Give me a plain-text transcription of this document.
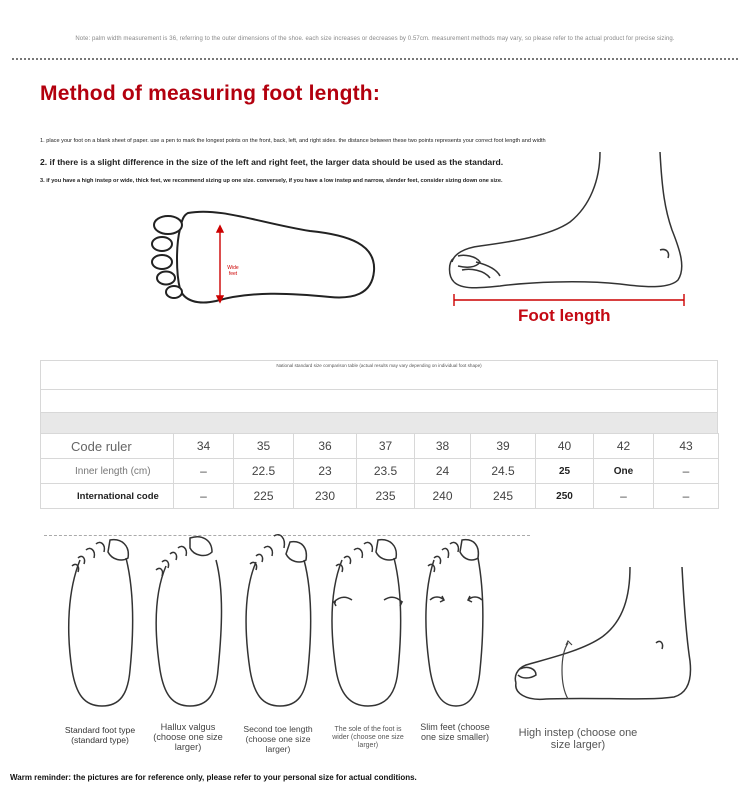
Note: palm width measurement is 36, referring to the outer dimensions of the shoe. each size increases or decreases by 0.57cm. measurement methods may vary, so please refer to the actual product for precise sizing.
Method of measuring foot length:
1. place your foot on a blank sheet of paper. use a pen to mark the longest points on the front, back, left, and right sides. the distance between these two points represents your correct foot length and width
2. if there is a slight difference in the size of the left and right feet, the larger data should be used as the standard.
3. if you have a high instep or wide, thick feet, we recommend sizing up one size. conversely, if you have a low instep and narrow, slender feet, consider sizing down one size.
Wide feet
Foot length
National standard size comparison table (actual results may vary depending on individual foot shape)
Code ruler	34	35	36	37	38	39	40	42	43
Inner length (cm)	–	22.5	23	23.5	24	24.5	25	One	–
International code	–	225	230	235	240	245	250	–	–
Standard foot type (standard type)
Hallux valgus (choose one size larger)
Second toe length (choose one size larger)
The sole of the foot is wider (choose one size larger)
Slim feet (choose one size smaller)	High instep (choose one size larger)
Warm reminder: the pictures are for reference only, please refer to your personal size for actual conditions.
